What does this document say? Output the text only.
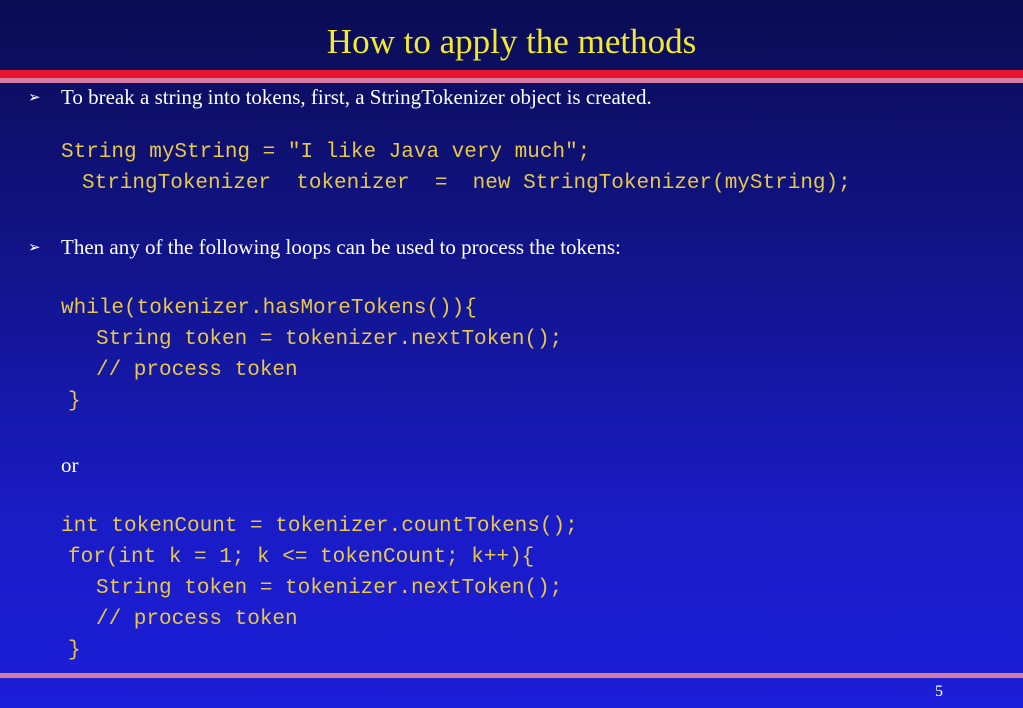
How to apply the methods
➢ To break a string into tokens, first, a StringTokenizer object is created.
String myString = "I like Java very much";
StringTokenizer  tokenizer  =  new StringTokenizer(myString);
➢ Then any of the following loops can be used to process the tokens:
while(tokenizer.hasMoreTokens()){
String token = tokenizer.nextToken();
// process token
}
or
int tokenCount = tokenizer.countTokens();
for(int k = 1; k <= tokenCount; k++){
String token = tokenizer.nextToken();
// process token
}
5
